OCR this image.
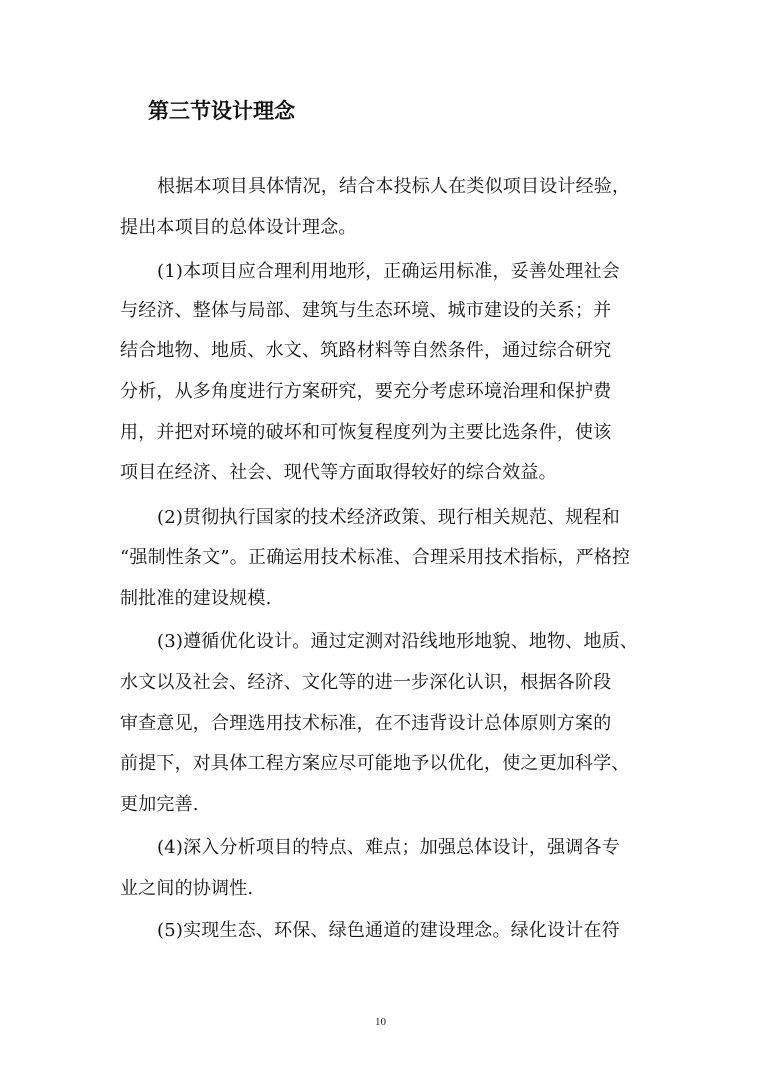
第三节设计理念
根据本项目具体情况，结合本投标人在类似项目设计经验，
提出本项目的总体设计理念。
(1)本项目应合理利用地形，正确运用标准，妥善处理社会
与经济、整体与局部、建筑与生态环境、城市建设的关系；并
结合地物、地质、水文、筑路材料等自然条件，通过综合研究
分析，从多角度进行方案研究，要充分考虑环境治理和保护费
用，并把对环境的破坏和可恢复程度列为主要比选条件，使该
项目在经济、社会、现代等方面取得较好的综合效益。
(2)贯彻执行国家的技术经济政策、现行相关规范、规程和
“强制性条文”。正确运用技术标准、合理采用技术指标，严格控
制批准的建设规模.
(3)遵循优化设计。通过定测对沿线地形地貌、地物、地质、
水文以及社会、经济、文化等的进一步深化认识，根据各阶段
审查意见，合理选用技术标准，在不违背设计总体原则方案的
前提下，对具体工程方案应尽可能地予以优化，使之更加科学、
更加完善.
(4)深入分析项目的特点、难点；加强总体设计，强调各专
业之间的协调性.
(5)实现生态、环保、绿色通道的建设理念。绿化设计在符
10
